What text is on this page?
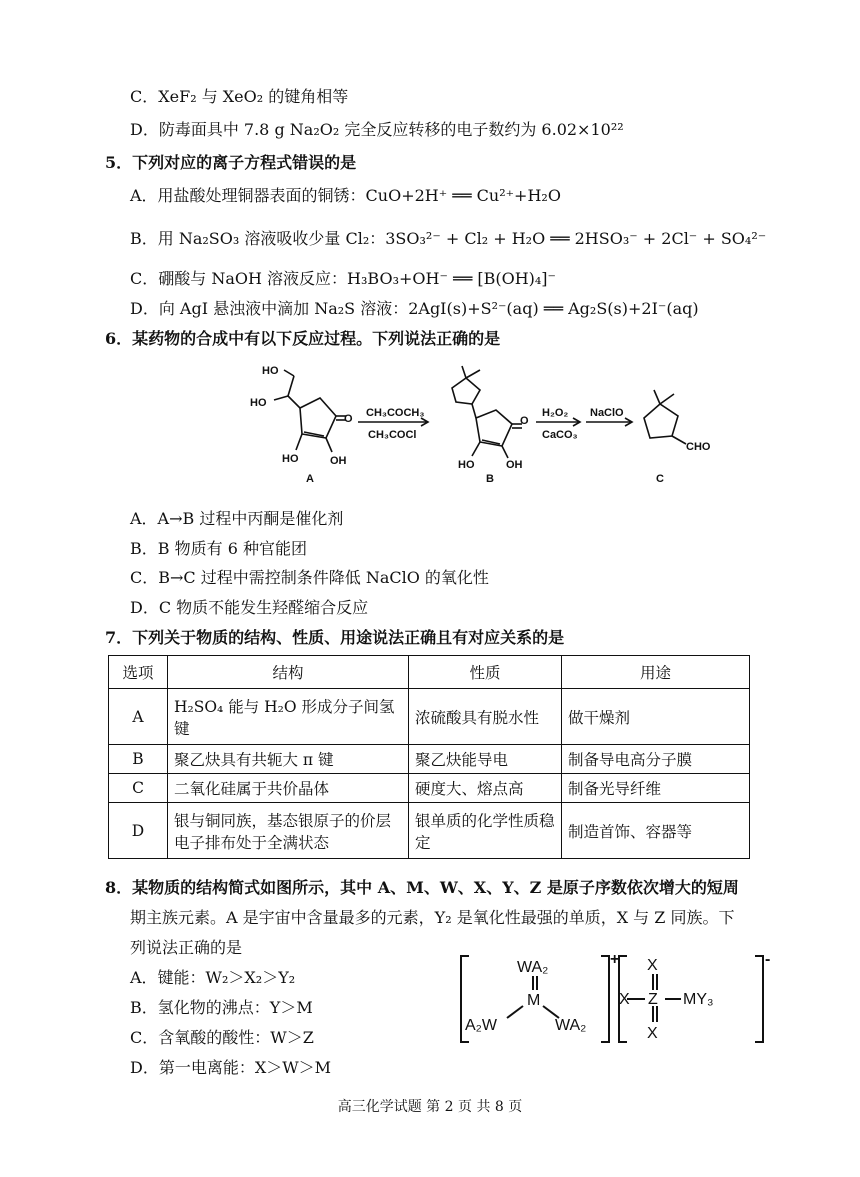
C．XeF₂ 与 XeO₂ 的键角相等
D．防毒面具中 7.8 g Na₂O₂ 完全反应转移的电子数约为 6.02×10²²
5．下列对应的离子方程式错误的是
A．用盐酸处理铜器表面的铜锈：CuO+2H⁺ ══ Cu²⁺+H₂O
B．用 Na₂SO₃ 溶液吸收少量 Cl₂：3SO₃²⁻ + Cl₂ + H₂O ══ 2HSO₃⁻ + 2Cl⁻ + SO₄²⁻
C．硼酸与 NaOH 溶液反应：H₃BO₃+OH⁻ ══ [B(OH)₄]⁻
D．向 AgI 悬浊液中滴加 Na₂S 溶液：2AgI(s)+S²⁻(aq) ══ Ag₂S(s)+2I⁻(aq)
6．某药物的合成中有以下反应过程。下列说法正确的是
HO
HO
O
HO	OH
A
CH₃COCH₃
CH₃COCl
O
HO	OH
B
H₂O₂
CaCO₃
NaClO
CHO
C
A．A→B 过程中丙酮是催化剂
B．B 物质有 6 种官能团
C．B→C 过程中需控制条件降低 NaClO 的氧化性
D．C 物质不能发生羟醛缩合反应
7．下列关于物质的结构、性质、用途说法正确且有对应关系的是
选项	结构	性质	用途
A	H₂SO₄ 能与 H₂O 形成分子间氢键	浓硫酸具有脱水性	做干燥剂
B	聚乙炔具有共轭大 π 键	聚乙炔能导电	制备导电高分子膜
C	二氧化硅属于共价晶体	硬度大、熔点高	制备光导纤维
D	银与铜同族，基态银原子的价层电子排布处于全满状态	银单质的化学性质稳定	制造首饰、容器等
8．某物质的结构简式如图所示，其中 A、M、W、X、Y、Z 是原子序数依次增大的短周
期主族元素。A 是宇宙中含量最多的元素，Y₂ 是氧化性最强的单质，X 与 Z 同族。下
列说法正确的是
A．键能：W₂＞X₂＞Y₂
B．氢化物的沸点：Y＞M
C．含氧酸的酸性：W＞Z
D．第一电离能：X＞W＞M
WA₂
M
A₂W	WA₂
+ X
X Z MY₃
X
-
高三化学试题 第 2 页 共 8 页
